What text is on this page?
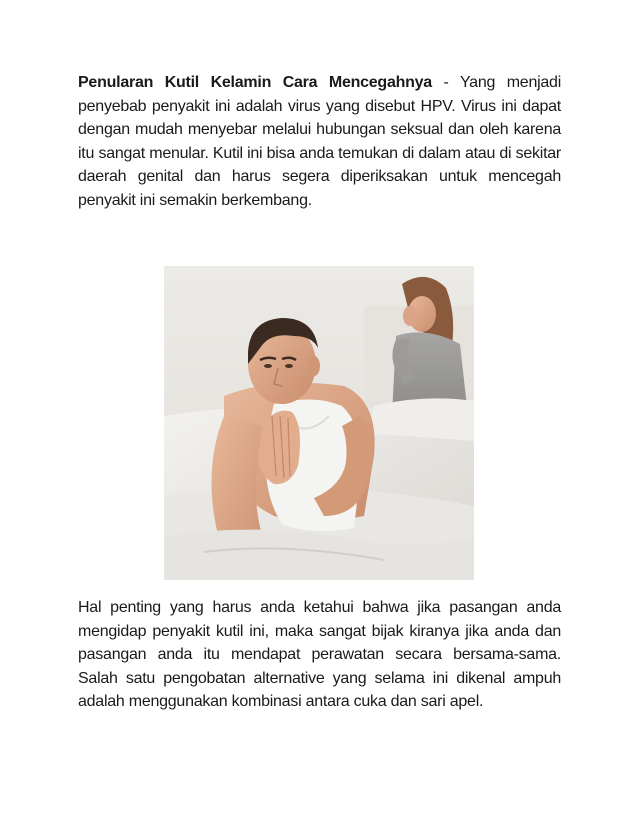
Penularan Kutil Kelamin Cara Mencegahnya - Yang menjadi penyebab penyakit ini adalah virus yang disebut HPV. Virus ini dapat dengan mudah menyebar melalui hubungan seksual dan oleh karena itu sangat menular. Kutil ini bisa anda temukan di dalam atau di sekitar daerah genital dan harus segera diperiksakan untuk mencegah penyakit ini semakin berkembang.

Hal penting yang harus anda ketahui bahwa jika pasangan anda mengidap penyakit kutil ini, maka sangat bijak kiranya jika anda dan pasangan anda itu mendapat perawatan secara bersama-sama. Salah satu pengobatan alternative yang selama ini dikenal ampuh adalah menggunakan kombinasi antara cuka dan sari apel.
